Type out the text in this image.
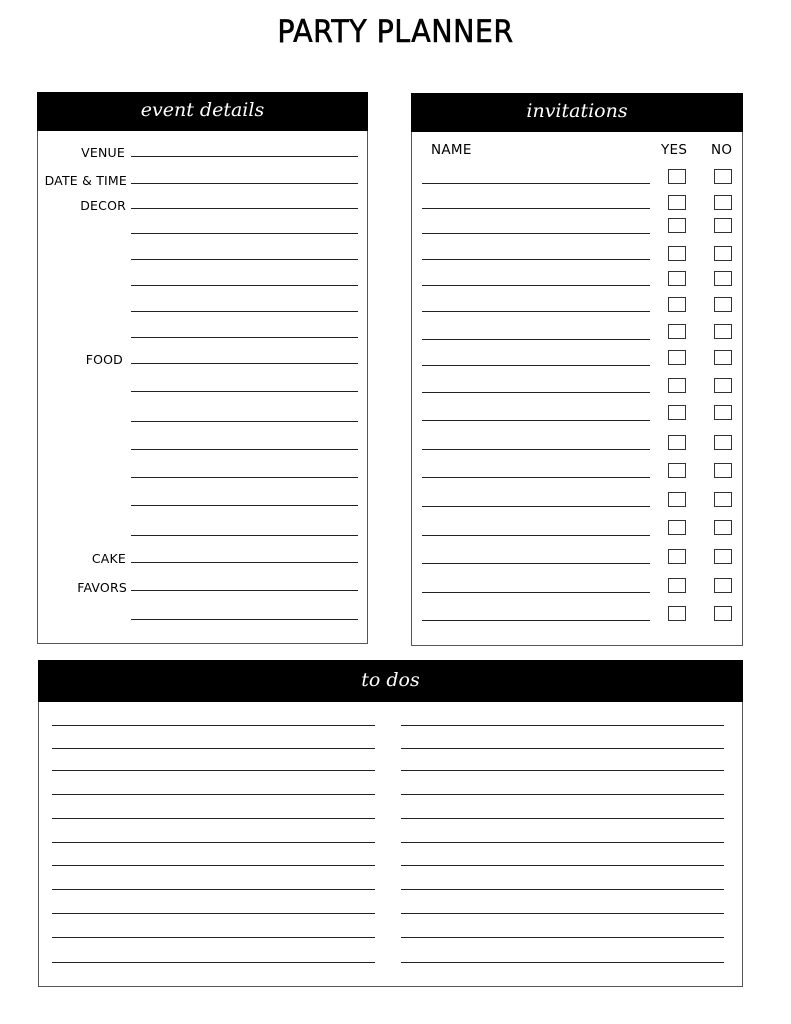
PARTY PLANNER
event details
VENUE
DATE & TIME
DECOR
FOOD
CAKE
FAVORS
invitations
NAME	YES NO
to dos
